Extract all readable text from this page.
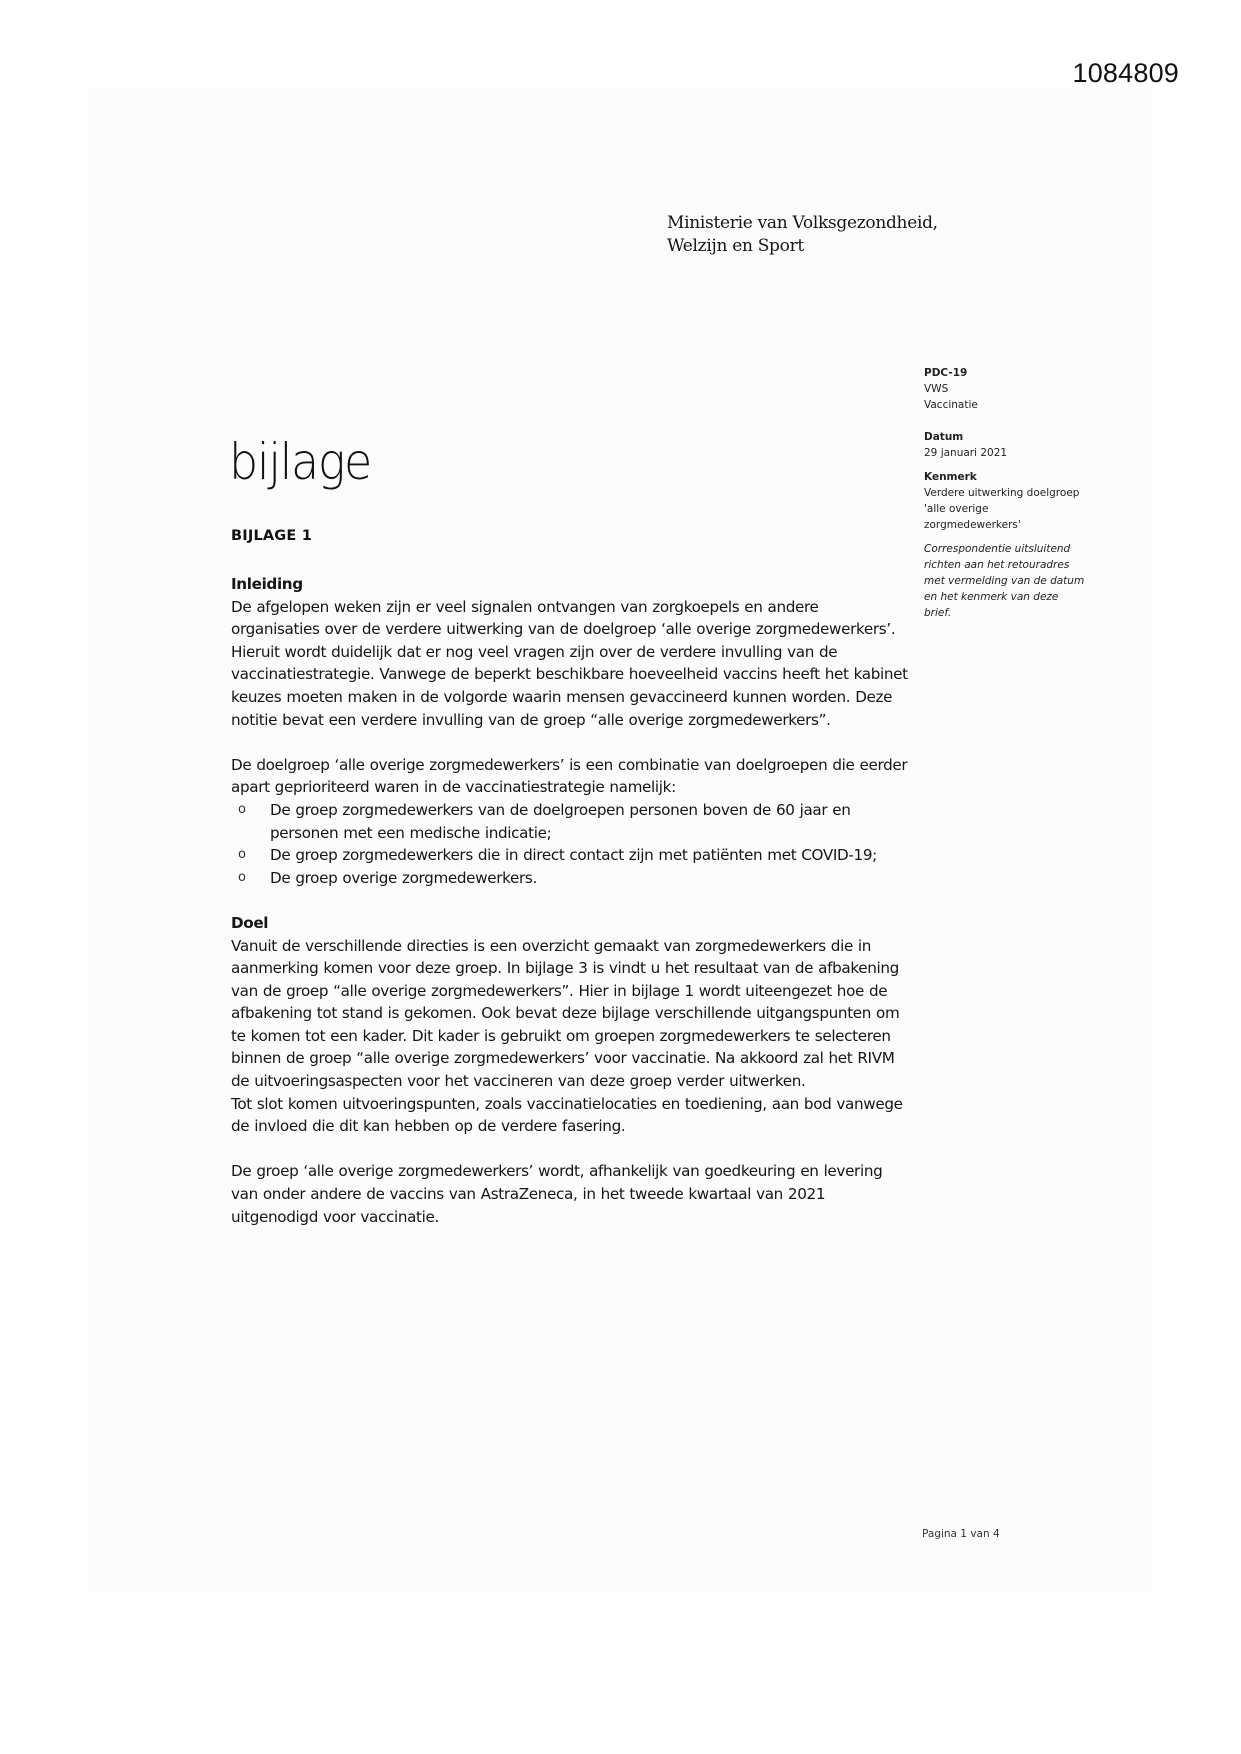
1084809
Ministerie van Volksgezondheid,
Welzijn en Sport
PDC-19
VWS
Vaccinatie
Datum
29 januari 2021
Kenmerk
Verdere uitwerking doelgroep
'alle overige
zorgmedewerkers'
Correspondentie uitsluitend
richten aan het retouradres
met vermelding van de datum
en het kenmerk van deze
brief.
bijlage
BIJLAGE 1

Inleiding

De afgelopen weken zijn er veel signalen ontvangen van zorgkoepels en andere organisaties over de verdere uitwerking van de doelgroep ‘alle overige zorgmedewerkers’. Hieruit wordt duidelijk dat er nog veel vragen zijn over de verdere invulling van de vaccinatiestrategie. Vanwege de beperkt beschikbare hoeveelheid vaccins heeft het kabinet keuzes moeten maken in de volgorde waarin mensen gevaccineerd kunnen worden. Deze notitie bevat een verdere invulling van de groep “alle overige zorgmedewerkers”.

De doelgroep ‘alle overige zorgmedewerkers’ is een combinatie van doelgroepen die eerder apart geprioriteerd waren in de vaccinatiestrategie namelijk:

o De groep zorgmedewerkers van de doelgroepen personen boven de 60 jaar en personen met een medische indicatie;
o De groep zorgmedewerkers die in direct contact zijn met patiënten met COVID-19;
o De groep overige zorgmedewerkers.

Doel

Vanuit de verschillende directies is een overzicht gemaakt van zorgmedewerkers die in aanmerking komen voor deze groep. In bijlage 3 is vindt u het resultaat van de afbakening van de groep “alle overige zorgmedewerkers”. Hier in bijlage 1 wordt uiteengezet hoe de afbakening tot stand is gekomen. Ook bevat deze bijlage verschillende uitgangspunten om te komen tot een kader. Dit kader is gebruikt om groepen zorgmedewerkers te selecteren binnen de groep “alle overige zorgmedewerkers’ voor vaccinatie. Na akkoord zal het RIVM de uitvoeringsaspecten voor het vaccineren van deze groep verder uitwerken.

Tot slot komen uitvoeringspunten, zoals vaccinatielocaties en toediening, aan bod vanwege de invloed die dit kan hebben op de verdere fasering.

De groep ‘alle overige zorgmedewerkers’ wordt, afhankelijk van goedkeuring en levering van onder andere de vaccins van AstraZeneca, in het tweede kwartaal van 2021 uitgenodigd voor vaccinatie.

Pagina 1 van 4
